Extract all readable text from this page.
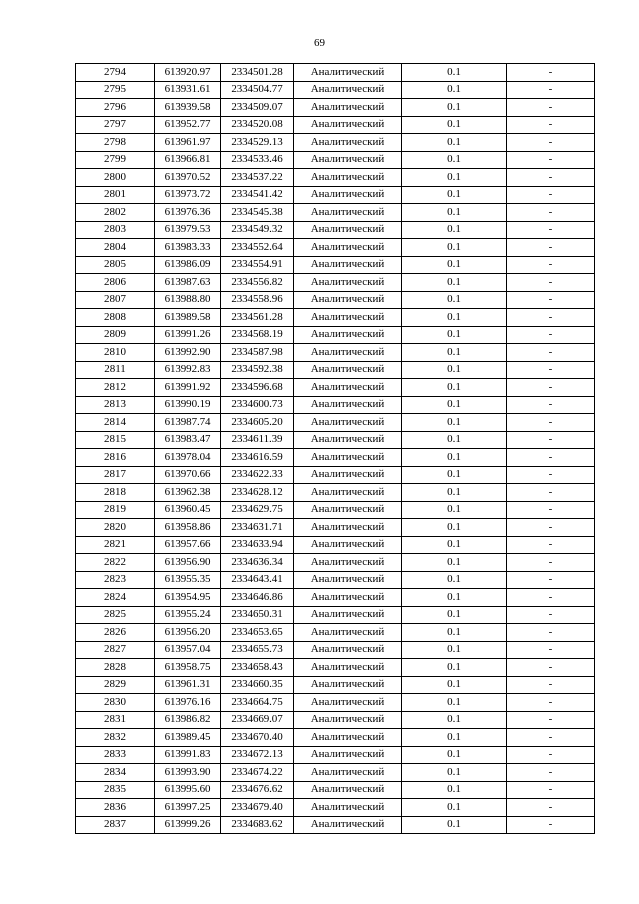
69
2794	613920.97	2334501.28	Аналитический	0.1	-
2795	613931.61	2334504.77	Аналитический	0.1	-
2796	613939.58	2334509.07	Аналитический	0.1	-
2797	613952.77	2334520.08	Аналитический	0.1	-
2798	613961.97	2334529.13	Аналитический	0.1	-
2799	613966.81	2334533.46	Аналитический	0.1	-
2800	613970.52	2334537.22	Аналитический	0.1	-
2801	613973.72	2334541.42	Аналитический	0.1	-
2802	613976.36	2334545.38	Аналитический	0.1	-
2803	613979.53	2334549.32	Аналитический	0.1	-
2804	613983.33	2334552.64	Аналитический	0.1	-
2805	613986.09	2334554.91	Аналитический	0.1	-
2806	613987.63	2334556.82	Аналитический	0.1	-
2807	613988.80	2334558.96	Аналитический	0.1	-
2808	613989.58	2334561.28	Аналитический	0.1	-
2809	613991.26	2334568.19	Аналитический	0.1	-
2810	613992.90	2334587.98	Аналитический	0.1	-
2811	613992.83	2334592.38	Аналитический	0.1	-
2812	613991.92	2334596.68	Аналитический	0.1	-
2813	613990.19	2334600.73	Аналитический	0.1	-
2814	613987.74	2334605.20	Аналитический	0.1	-
2815	613983.47	2334611.39	Аналитический	0.1	-
2816	613978.04	2334616.59	Аналитический	0.1	-
2817	613970.66	2334622.33	Аналитический	0.1	-
2818	613962.38	2334628.12	Аналитический	0.1	-
2819	613960.45	2334629.75	Аналитический	0.1	-
2820	613958.86	2334631.71	Аналитический	0.1	-
2821	613957.66	2334633.94	Аналитический	0.1	-
2822	613956.90	2334636.34	Аналитический	0.1	-
2823	613955.35	2334643.41	Аналитический	0.1	-
2824	613954.95	2334646.86	Аналитический	0.1	-
2825	613955.24	2334650.31	Аналитический	0.1	-
2826	613956.20	2334653.65	Аналитический	0.1	-
2827	613957.04	2334655.73	Аналитический	0.1	-
2828	613958.75	2334658.43	Аналитический	0.1	-
2829	613961.31	2334660.35	Аналитический	0.1	-
2830	613976.16	2334664.75	Аналитический	0.1	-
2831	613986.82	2334669.07	Аналитический	0.1	-
2832	613989.45	2334670.40	Аналитический	0.1	-
2833	613991.83	2334672.13	Аналитический	0.1	-
2834	613993.90	2334674.22	Аналитический	0.1	-
2835	613995.60	2334676.62	Аналитический	0.1	-
2836	613997.25	2334679.40	Аналитический	0.1	-
2837	613999.26	2334683.62	Аналитический	0.1	-
